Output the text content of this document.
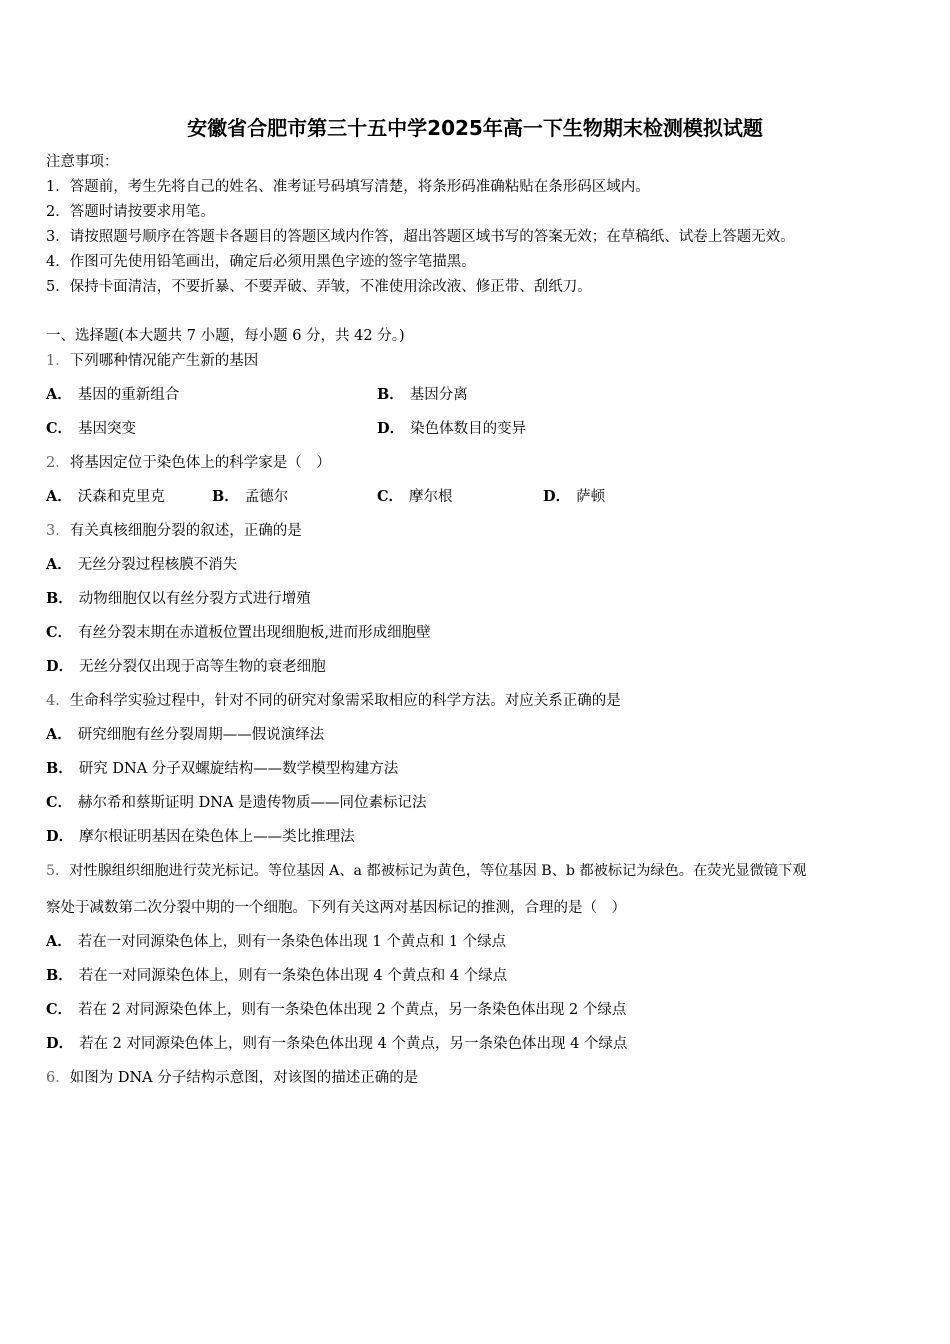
安徽省合肥市第三十五中学2025年高一下生物期末检测模拟试题
注意事项：
1．答题前，考生先将自己的姓名、准考证号码填写清楚，将条形码准确粘贴在条形码区域内。
2．答题时请按要求用笔。
3．请按照题号顺序在答题卡各题目的答题区域内作答，超出答题区域书写的答案无效；在草稿纸、试卷上答题无效。
4．作图可先使用铅笔画出，确定后必须用黑色字迹的签字笔描黑。
5．保持卡面清洁，不要折暴、不要弄破、弄皱，不准使用涂改液、修正带、刮纸刀。
一、选择题(本大题共 7 小题，每小题 6 分，共 42 分。)
1．下列哪种情况能产生新的基因
A． 基因的重新组合	B． 基因分离
C． 基因突变	D． 染色体数目的变异
2．将基因定位于染色体上的科学家是（　）
A． 沃森和克里克	B． 孟德尔	C． 摩尔根	D． 萨顿
3．有关真核细胞分裂的叙述，正确的是
A． 无丝分裂过程核膜不消失
B． 动物细胞仅以有丝分裂方式进行增殖
C． 有丝分裂末期在赤道板位置出现细胞板,进而形成细胞壁
D． 无丝分裂仅出现于高等生物的衰老细胞
4．生命科学实验过程中，针对不同的研究对象需采取相应的科学方法。对应关系正确的是
A． 研究细胞有丝分裂周期——假说演绎法
B． 研究 DNA 分子双螺旋结构——数学模型构建方法
C． 赫尔希和蔡斯证明 DNA 是遗传物质——同位素标记法
D． 摩尔根证明基因在染色体上——类比推理法
5．对性腺组织细胞进行荧光标记。等位基因 A、a 都被标记为黄色，等位基因 B、b 都被标记为绿色。在荧光显微镜下观
察处于减数第二次分裂中期的一个细胞。下列有关这两对基因标记的推测，合理的是（　）
A． 若在一对同源染色体上，则有一条染色体出现 1 个黄点和 1 个绿点
B． 若在一对同源染色体上，则有一条染色体出现 4 个黄点和 4 个绿点
C． 若在 2 对同源染色体上，则有一条染色体出现 2 个黄点，另一条染色体出现 2 个绿点
D． 若在 2 对同源染色体上，则有一条染色体出现 4 个黄点，另一条染色体出现 4 个绿点
6．如图为 DNA 分子结构示意图，对该图的描述正确的是
